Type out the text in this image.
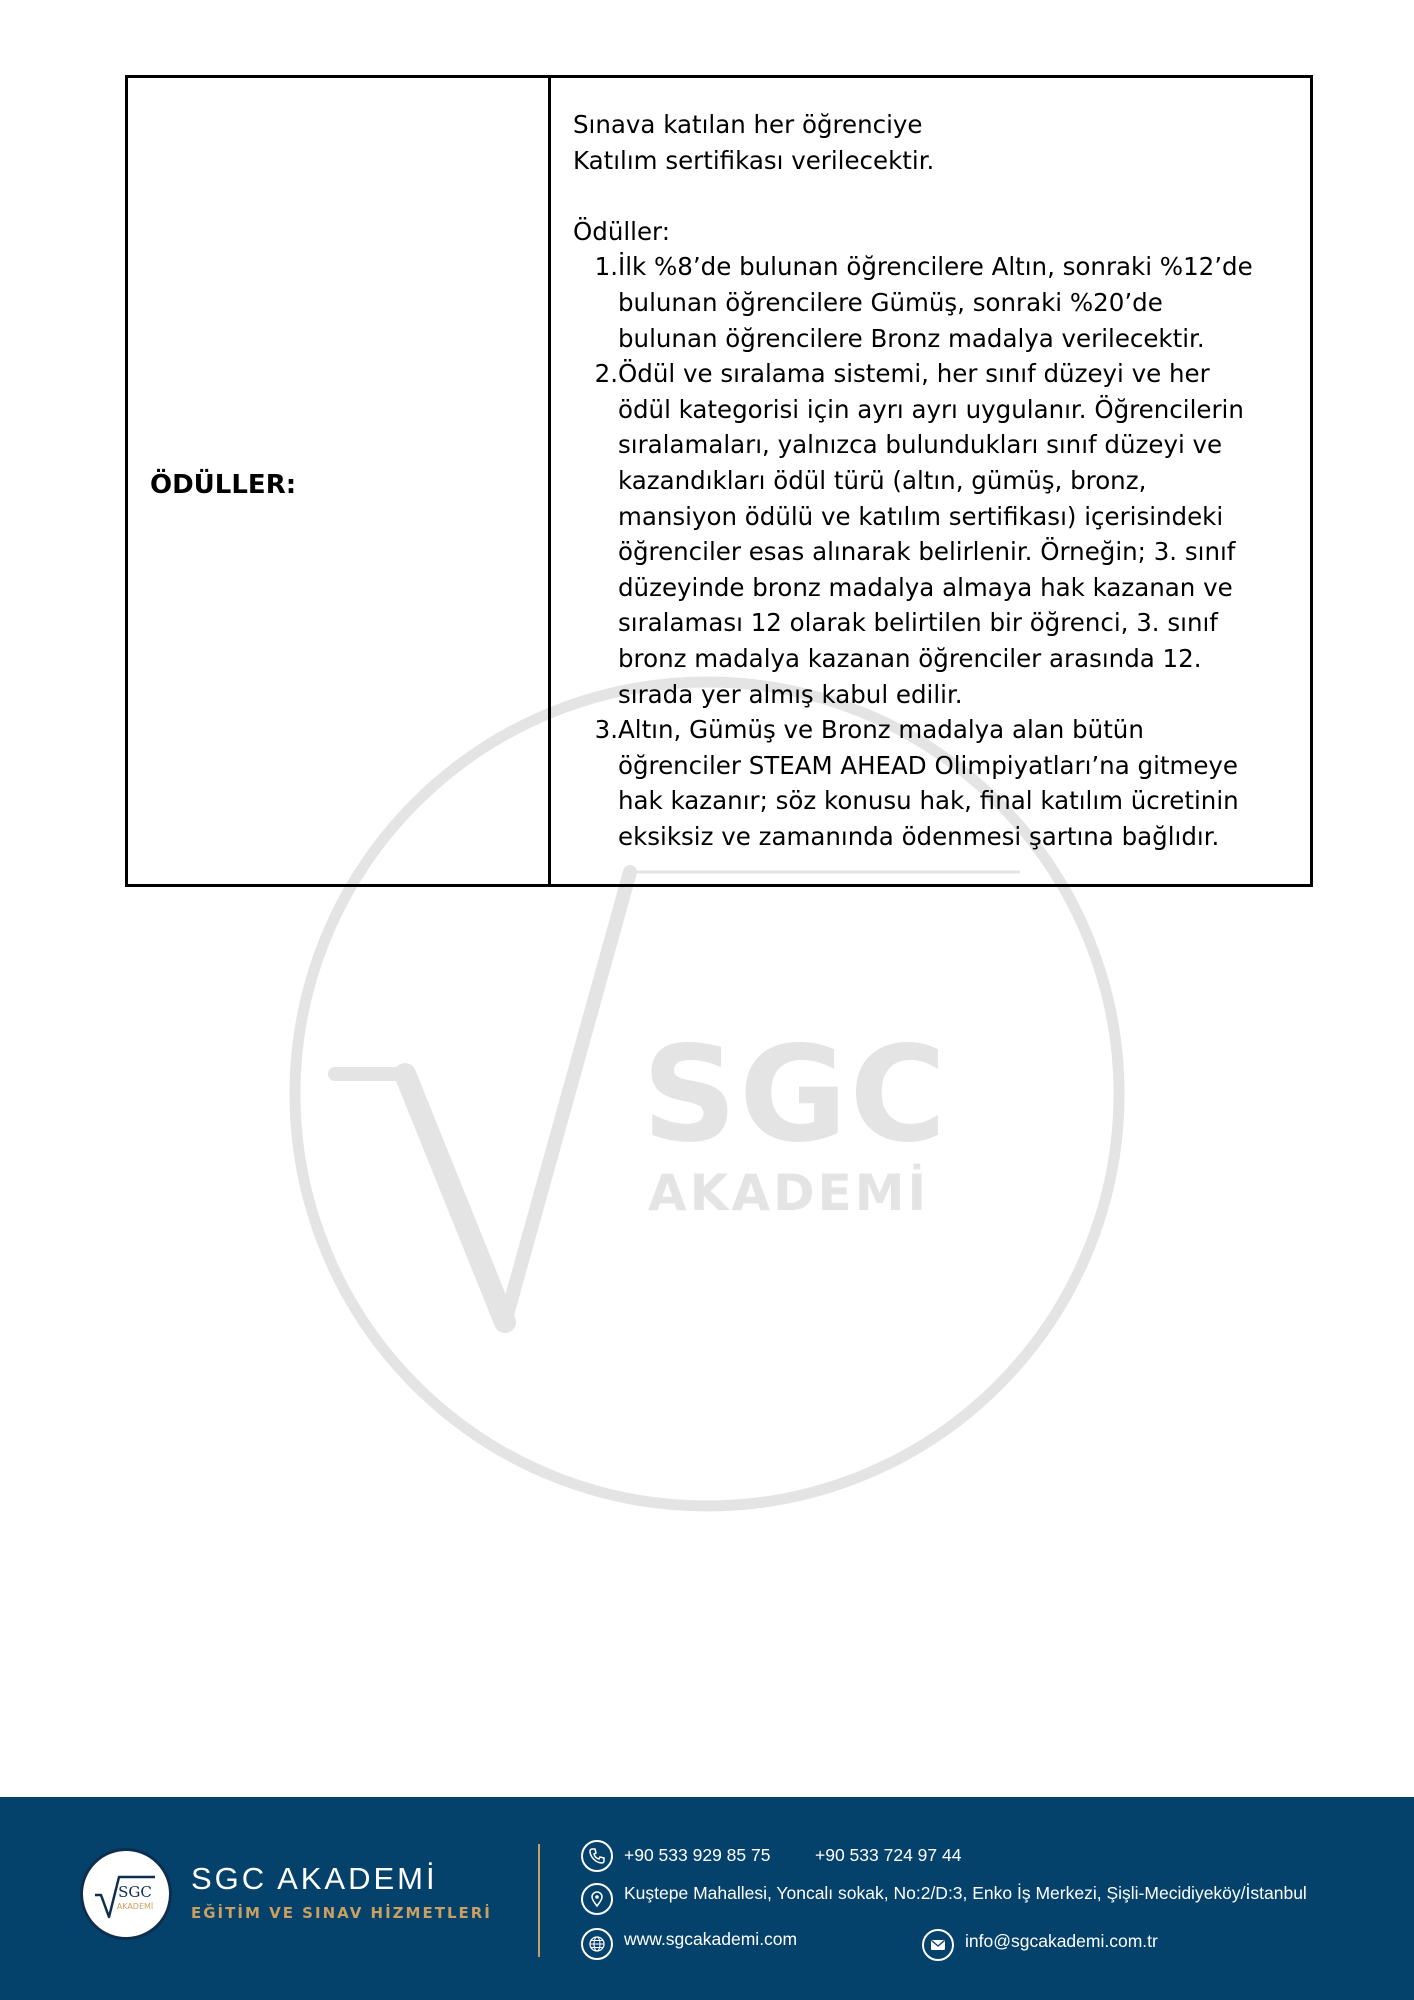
SGC
AKADEMİ
ÖDÜLLER:
Sınava katılan her öğrenciye
Katılım sertifikası verilecektir.
Ödüller:
1. İlk %8’de bulunan öğrencilere Altın, sonraki %12’de
bulunan öğrencilere Gümüş, sonraki %20’de
bulunan öğrencilere Bronz madalya verilecektir.
2. Ödül ve sıralama sistemi, her sınıf düzeyi ve her
ödül kategorisi için ayrı ayrı uygulanır. Öğrencilerin
sıralamaları, yalnızca bulundukları sınıf düzeyi ve
kazandıkları ödül türü (altın, gümüş, bronz,
mansiyon ödülü ve katılım sertifikası) içerisindeki
öğrenciler esas alınarak belirlenir. Örneğin; 3. sınıf
düzeyinde bronz madalya almaya hak kazanan ve
sıralaması 12 olarak belirtilen bir öğrenci, 3. sınıf
bronz madalya kazanan öğrenciler arasında 12.
sırada yer almış kabul edilir.
3. Altın, Gümüş ve Bronz madalya alan bütün
öğrenciler STEAM AHEAD Olimpiyatları’na gitmeye
hak kazanır; söz konusu hak, final katılım ücretinin
eksiksiz ve zamanında ödenmesi şartına bağlıdır.
SGC
AKADEMİ
SGC AKADEMİ
EĞİTİM VE SINAV HİZMETLERİ
+90 533 929 85 75	+90 533 724 97 44
Kuştepe Mahallesi, Yoncalı sokak, No:2/D:3, Enko İş Merkezi, Şişli-Mecidiyeköy/İstanbul
www.sgcakademi.com	info@sgcakademi.com.tr
